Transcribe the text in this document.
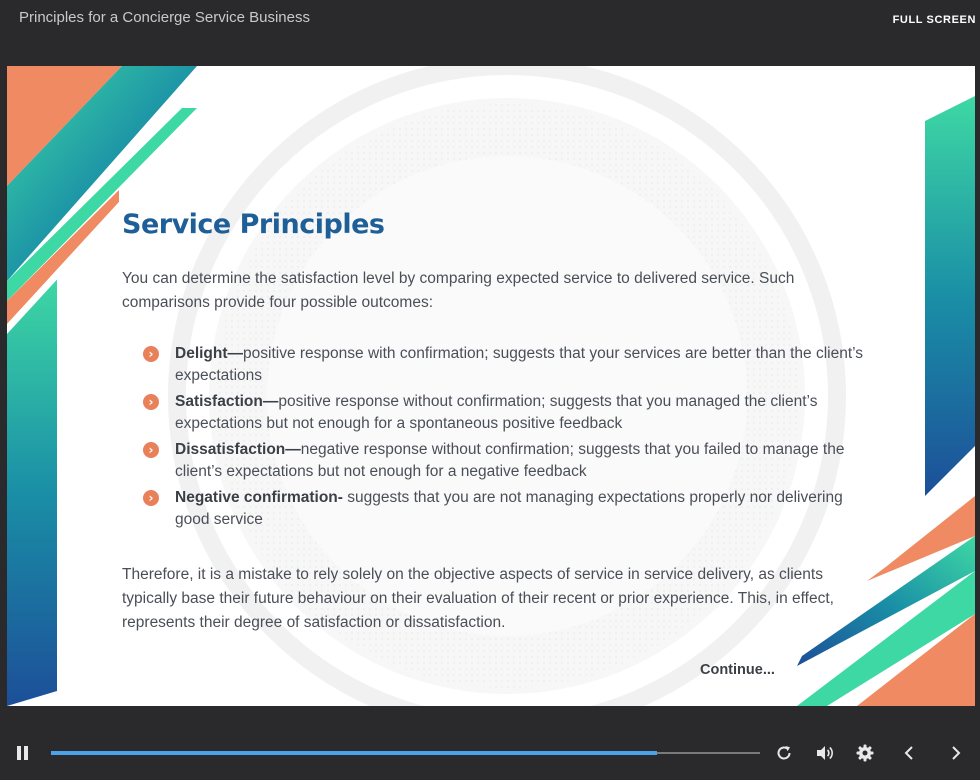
Principles for a Concierge Service Business	FULL SCREEN
Service Principles

You can determine the satisfaction level by comparing expected service to delivered service. Such comparisons provide four possible outcomes:

›	Delight—positive response with confirmation; suggests that your services are better than the client’s expectations
›	Satisfaction—positive response without confirmation; suggests that you managed the client’s expectations but not enough for a spontaneous positive feedback
›	Dissatisfaction—negative response without confirmation; suggests that you failed to manage the client’s expectations but not enough for a negative feedback
›	Negative confirmation- suggests that you are not managing expectations properly nor delivering good service

Therefore, it is a mistake to rely solely on the objective aspects of service in service delivery, as clients typically base their future behaviour on their evaluation of their recent or prior experience. This, in effect, represents their degree of satisfaction or dissatisfaction.

Continue...
